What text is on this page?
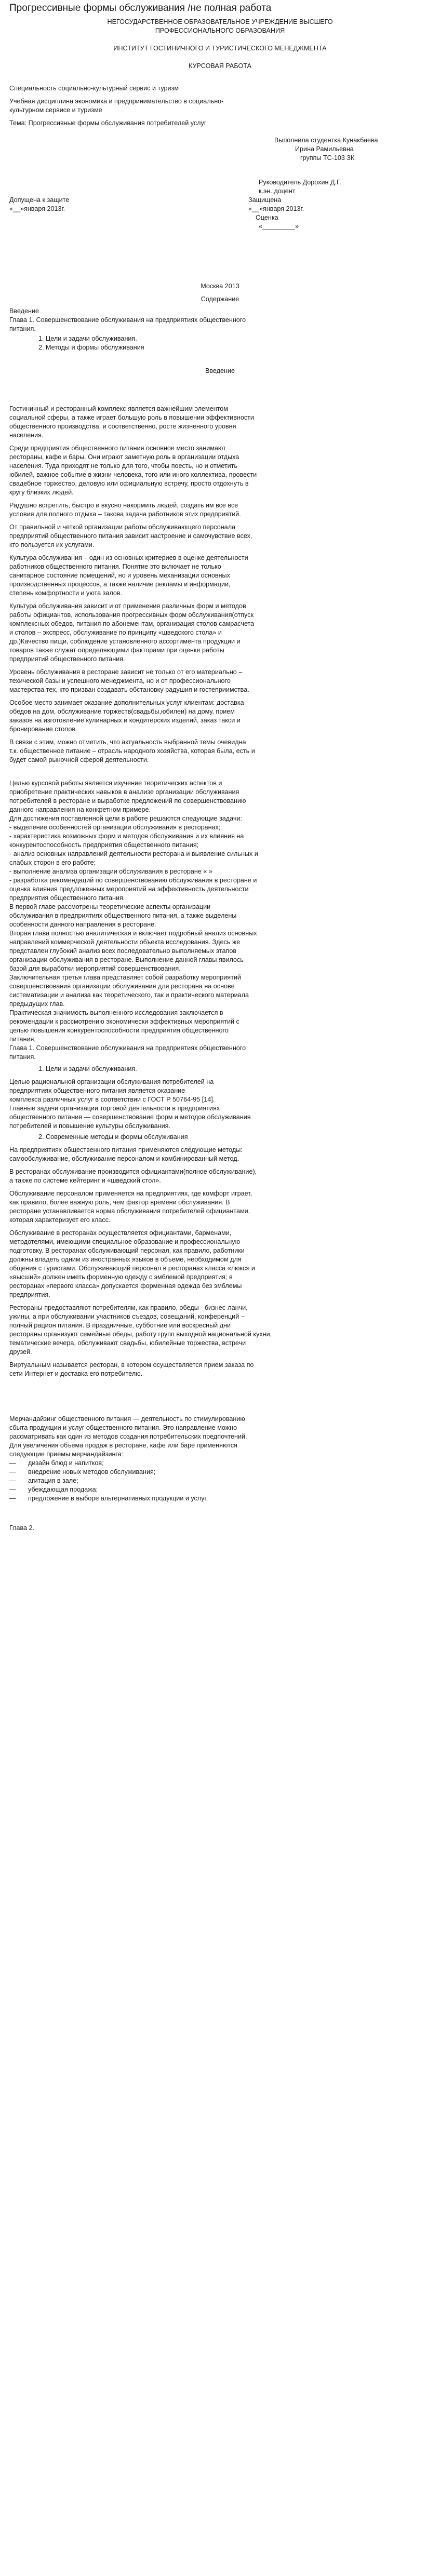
Прогрессивные формы обслуживания /не полная работа
НЕГОСУДАРСТВЕННОЕ ОБРАЗОВАТЕЛЬНОЕ УЧРЕЖДЕНИЕ ВЫСШЕГО
ПРОФЕССИОНАЛЬНОГО ОБРАЗОВАНИЯ
ИНСТИТУТ ГОСТИНИЧНОГО И ТУРИСТИЧЕСКОГО МЕНЕДЖМЕНТА
КУРСОВАЯ РАБОТА

Специальность социально-культурный сервис и туризм

Учебная дисциплина экономика и предпринимательство в социально-
культурном сервисе и туризме

Тема: Прогрессивные формы обслуживания потребителей услуг

Выполнила студентка Кунакбаева
Ирина Рамильевна
группы ТС-103 ЗК
Руководитель Дорохин Д.Г.
к.эн.,доцент
Допущена к защите
«__»января 2013г.
Защищена
«__»января 2013г.
Оценка
«_________»
Москва 2013
Содержание
Введение
Глава 1. Совершенствование обслуживания на предприятиях общественного
питания.
1. Цели и задачи обслуживания.
2. Методы и формы обслуживания
Введение

Гостиничный и ресторанный комплекс является важнейшим элементом
социальной сферы, а также играет большую роль в повышении эффективности
общественного производства, и соответственно, росте жизненного уровня
населения.

Среди предприятия общественного питания основное место занимают
рестораны, кафе и бары. Они играют заметную роль в организации отдыха
населения. Туда приходят не только для того, чтобы поесть, но и отметить
юбилей, важное событие в жизни человека, того или иного коллектива, провести
свадебное торжество, деловую или официальную встречу, просто отдохнуть в
кругу близких людей.

Радушно встретить, быстро и вкусно накормить людей, создать им все все
условия для полного отдыха – такова задача работников этих предприятий.

От правильной и четкой организации работы обслуживающего персонала
предприятий общественного питания зависит настроение и самочувствие всех,
кто пользуется их услугами.

Культура обслуживания – один из основных критериев в оценке деятельности
работников общественного питания. Понятие это включает не только
санитарное состояние помещений, но и уровень механизации основных
производственных процессов, а также наличие рекламы и информации,
степень комфортности и уюта залов.

Культура обслуживания зависит и от применения различных форм и методов
работы официантов, использования прогрессивных форм обслуживания(отпуск
комплексных обедов, питания по абонементам, организация столов самрасчета
и столов – экспресс, обслуживание по принципу «шведского стола» и
др.)Качество пищи, соблюдение установленного ассортимента продукции и
товаров также служат определяющими факторами при оценке работы
предприятий общественного питания.

Уровень обслуживания в ресторане зависит не только от его материально –
техической базы и успешного менеджмента, но и от профессионального
мастерства тех, кто призван создавать обстановку радушия и гостеприимства.

Особое место занимает оказание дополнительных услуг клиентам: доставка
обедов на дом, обслуживание торжеств(свадьбы,юбилеи) на дому, прием
заказов на изготовление кулинарных и кондитерских изделий, заказ такси и
бронирование столов.

В связи с этим, можно отметить, что актуальность выбранной темы очевидна
т.к. общественное питание – отрасль народного хозяйства, которая была, есть и
будет самой рыночной сферой деятельности.

Целью курсовой работы является изучение теоретических аспектов и
приобретение практических навыков в анализе организации обслуживания
потребителей в ресторане и выработке предложений по совершенствованию
данного направления на конкретном примере.
Для достижения поставленной цели в работе решаются следующие задачи:
- выделение особенностей организации обслуживания в ресторанах;
- характеристика возможных форм и методов обслуживания и их влияния на
конкурентоспособность предприятия общественного питания;
- анализ основных направлений деятельности ресторана и выявление сильных и
слабых сторон в его работе;
- выполнение анализа организации обслуживания в ресторане « »
- разработка рекомендаций по совершенствованию обслуживания в ресторане и
оценка влияния предложенных мероприятий на эффективность деятельности
предприятия общественного питания.
В первой главе рассмотрены теоретические аспекты организации
обслуживания в предприятиях общественного питания, а также выделены
особенности данного направления в ресторане.
Вторая глава полностью аналитическая и включает подробный анализ основных
направлений коммерческой деятельности объекта исследования. Здесь же
представлен глубокий анализ всех последовательно выполняемых этапов
организации обслуживания в ресторане. Выполнение данной главы явилось
базой для выработки мероприятий совершенствования.
Заключительная третья глава представляет собой разработку мероприятий
совершенствования организации обслуживания для ресторана на основе
систематизации и анализа как теоретического, так и практического материала
предыдущих глав.
Практическая значимость выполненного исследования заключается в
рекомендации к рассмотрению экономически эффективных мероприятий с
целью повышения конкурентоспособности предприятия общественного
питания.
Глава 1. Совершенствование обслуживания на предприятиях общественного
питания.
1. Цели и задачи обслуживания.
Целью рациональной организации обслуживания потребителей на
предприятиях общественного питания является оказание
комплекса различных услуг в соответствии с ГОСТ Р 50764-95 [14].
Главные задачи организации торговой деятельности в предприятиях
общественного питания — совершенствование форм и методов обслуживания
потребителей и повышение культуры обслуживания.
2. Современные методы и формы обслуживания

На предприятиях общественного питания применяются следующие методы:
самообслуживание, обслуживание персоналом и комбинированный метод.

В ресторанах обслуживание производится официантами(полное обслуживание),
а также по системе кейтеринг и «шведский стол».

Обслуживание персоналом применяется на предприятиях, где комфорт играет,
как правило, более важную роль, чем фактор времени обслуживания. В
ресторане устанавливается норма обслуживания потребителей официантами,
которая характеризует его класс.

Обслуживание в ресторанах осуществляется официантами, барменами,
метрдотелями, имеющими специальное образование и профессиональную
подготовку. В ресторанах обслуживающий персонал, как правило, работники
должны владеть одним из иностранных языков в объеме, необходимом для
общения с туристами. Обслуживающий персонал в ресторанах класса «люкс» и
«высший» должен иметь форменную одежду с эмблемой предприятия; в
ресторанах «первого класса» допускается форменная одежда без эмблемы
предприятия.

Рестораны предоставляют потребителям, как правило, обеды - бизнес-ланчи,
ужины, а при обслуживании участников съездов, совещаний, конференций –
полный рацион питания. В праздничные, субботние или воскресный дни
рестораны организуют семейные обеды, работу групп выходной национальной кухни,
тематические вечера, обслуживают свадьбы, юбилейные торжества, встречи
друзей.

Виртуальным называется ресторан, в котором осуществляется прием заказа по
сети Интернет и доставка его потребителю.

Мерчандайзинг общественного питания — деятельность по стимулированию
сбыта продукции и услуг общественного питания. Это направление можно
рассматривать как один из методов создания потребительских предпочтений.
Для увеличения объема продаж в ресторане, кафе или баре применяются
следующие приемы мерчандайзинга:
— дизайн блюд и напитков;
— внедрение новых методов обслуживания;
— агитация в зале;
— убеждающая продажа;
— предложение в выборе альтернативных продукции и услуг.
Глава 2.
